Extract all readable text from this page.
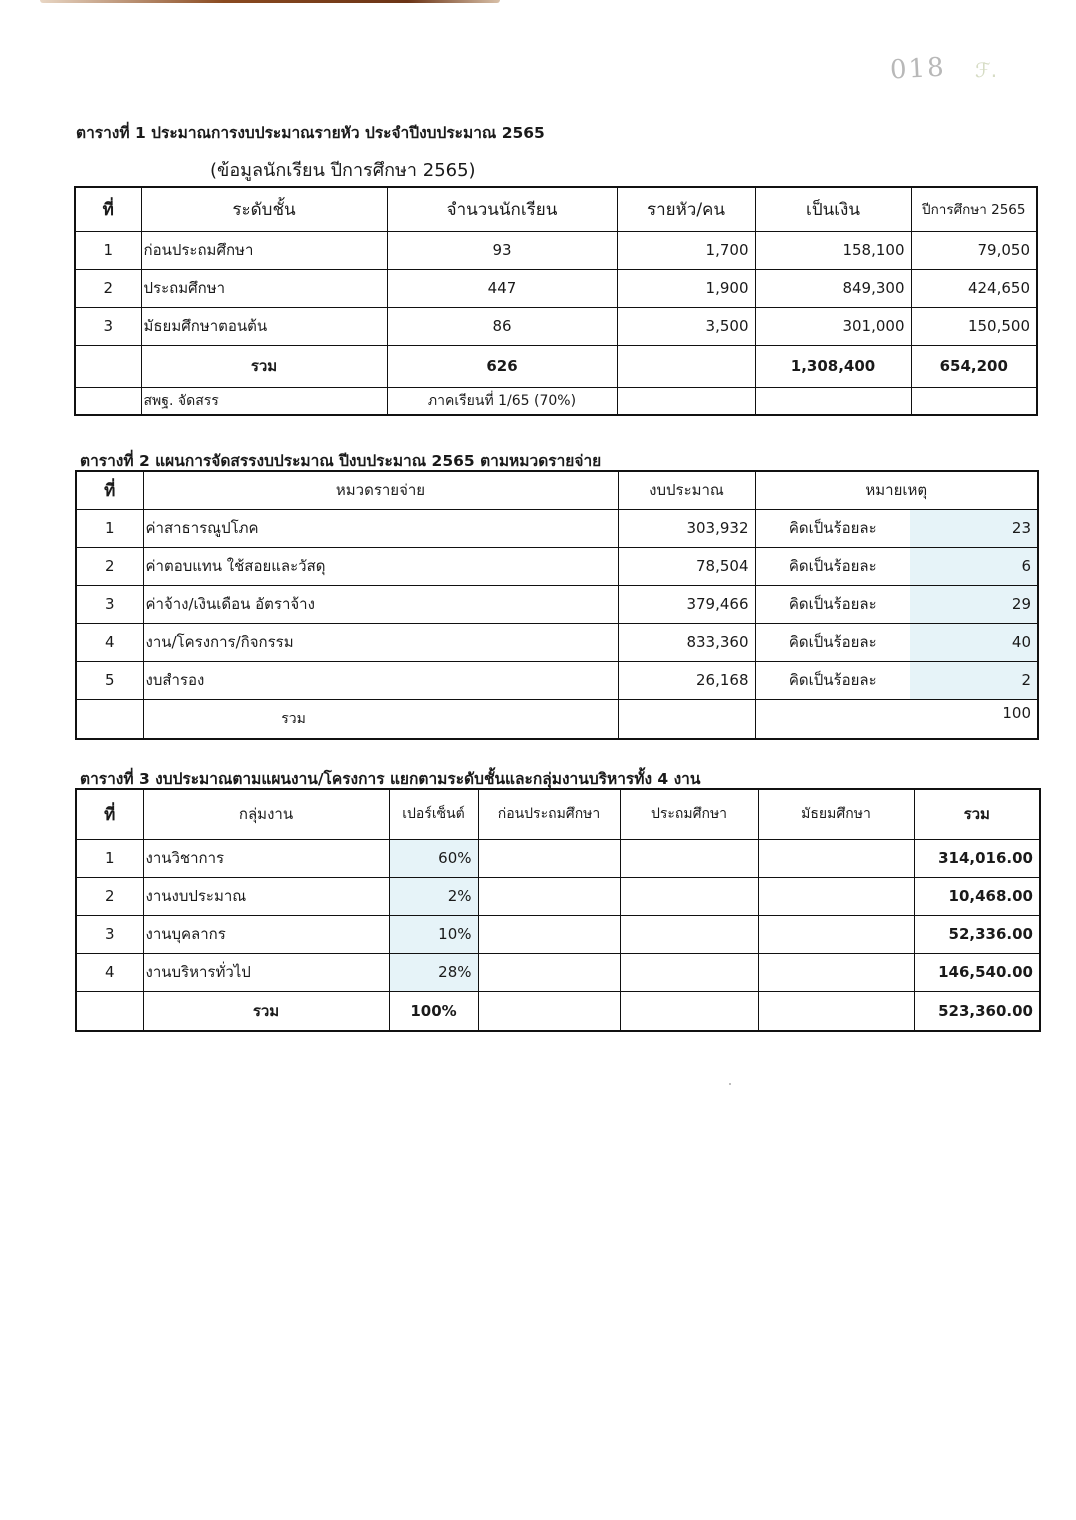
018 ℱ.
ตารางที่ 1 ประมาณการงบประมาณรายหัว ประจำปีงบประมาณ 2565
(ข้อมูลนักเรียน ปีการศึกษา 2565)
ที่	ระดับชั้น	จำนวนนักเรียน	รายหัว/คน	เป็นเงิน	ปีการศึกษา 2565
1	ก่อนประถมศึกษา	93	1,700	158,100	79,050
2	ประถมศึกษา	447	1,900	849,300	424,650
3	มัธยมศึกษาตอนต้น	86	3,500	301,000	150,500
	รวม	626		1,308,400	654,200
	สพฐ. จัดสรร	ภาคเรียนที่ 1/65 (70%)			
ตารางที่ 2 แผนการจัดสรรงบประมาณ ปีงบประมาณ 2565 ตามหมวดรายจ่าย
ที่	หมวดรายจ่าย	งบประมาณ	หมายเหตุ	
1	ค่าสาธารณูปโภค	303,932	คิดเป็นร้อยละ	23
2	ค่าตอบแทน ใช้สอยและวัสดุ	78,504	คิดเป็นร้อยละ	6
3	ค่าจ้าง/เงินเดือน อัตราจ้าง	379,466	คิดเป็นร้อยละ	29
4	งาน/โครงการ/กิจกรรม	833,360	คิดเป็นร้อยละ	40
5	งบสำรอง	26,168	คิดเป็นร้อยละ	2
	รวม		100	
ตารางที่ 3 งบประมาณตามแผนงาน/โครงการ แยกตามระดับชั้นและกลุ่มงานบริหารทั้ง 4 งาน
ที่	กลุ่มงาน	เปอร์เซ็นต์	ก่อนประถมศึกษา	ประถมศึกษา	มัธยมศึกษา	รวม
1	งานวิชาการ	60%				314,016.00
2	งานงบประมาณ	2%				10,468.00
3	งานบุคลากร	10%				52,336.00
4	งานบริหารทั่วไป	28%				146,540.00
	รวม	100%				523,360.00
